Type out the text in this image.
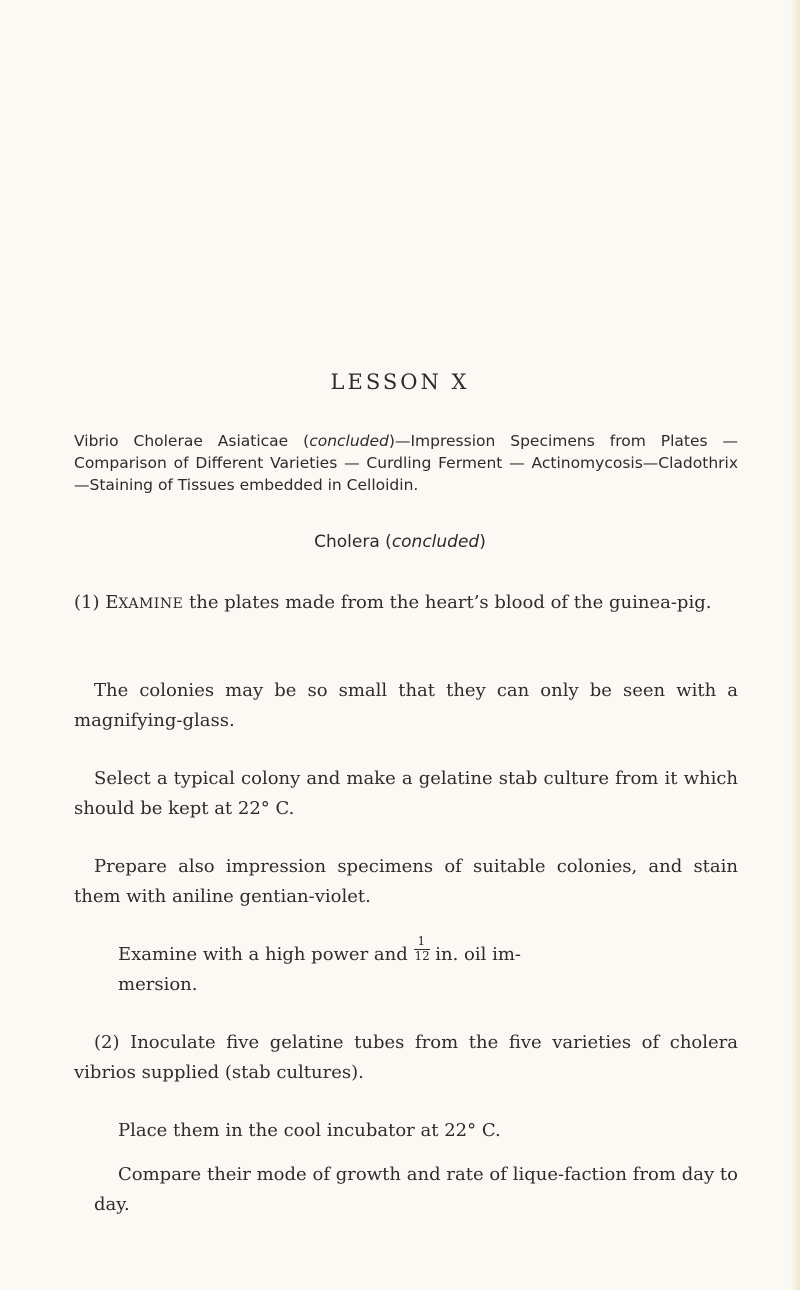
LESSON X

Vibrio Cholerae Asiaticae (concluded)—Impression Specimens from Plates — Comparison of Different Varieties — Curdling Ferment — Actinomycosis—Cladothrix—Staining of Tissues embedded in Celloidin.

Cholera (concluded)

(1) EXAMINE the plates made from the heart’s blood of the guinea-pig.

The colonies may be so small that they can only be seen with a magnifying-glass.

Select a typical colony and make a gelatine stab culture from it which should be kept at 22° C.

Prepare also impression specimens of suitable colonies, and stain them with aniline gentian-violet.

Examine with a high power and $\frac{1}{12}$ in. oil im-
mersion.

(2) Inoculate five gelatine tubes from the five varieties of cholera vibrios supplied (stab cultures).

Place them in the cool incubator at 22° C.

Compare their mode of growth and rate of lique-faction from day to day.
